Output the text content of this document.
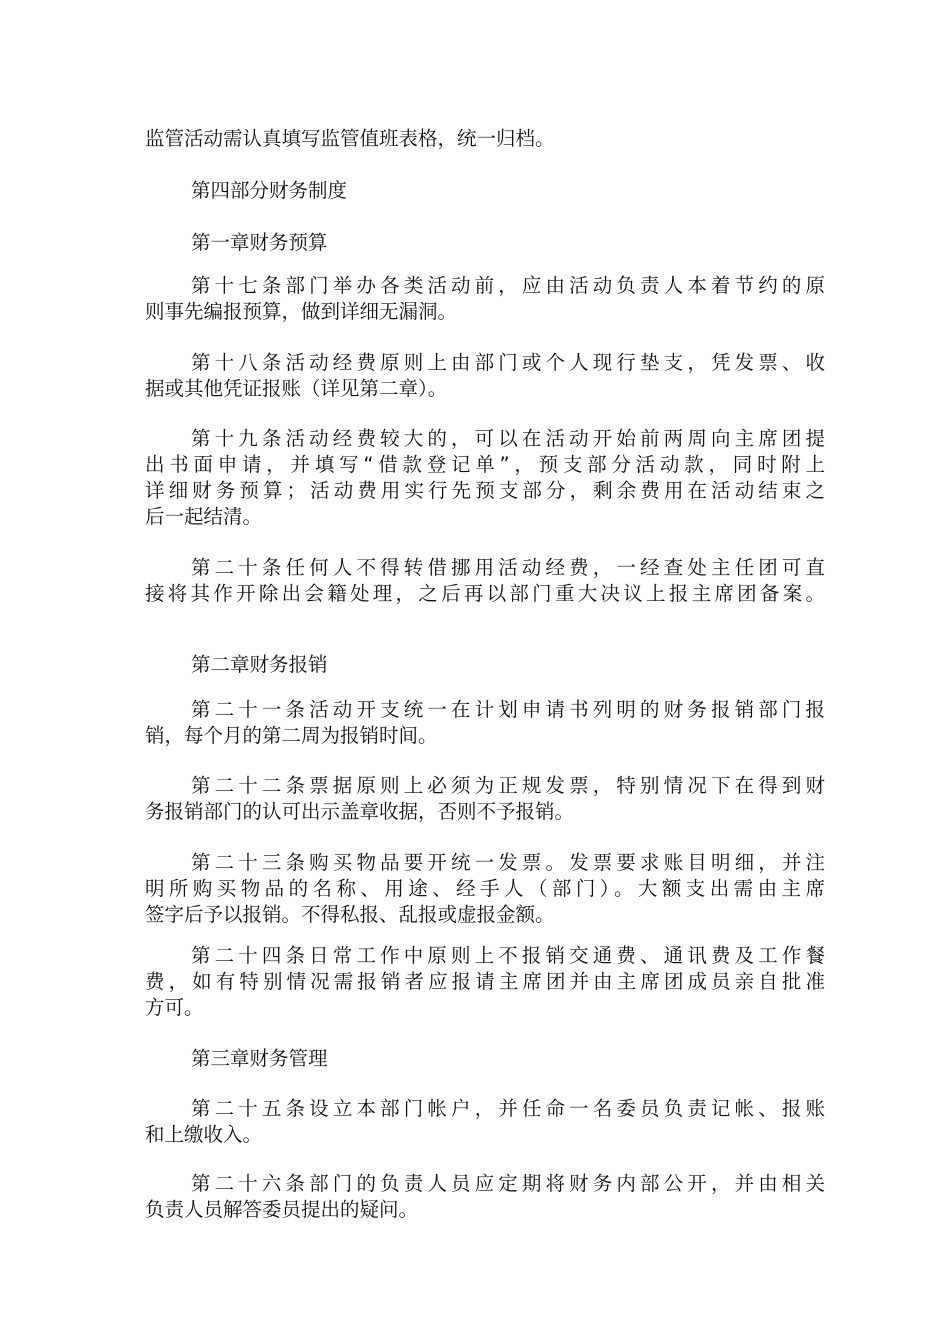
监管活动需认真填写监管值班表格，统一归档。
第四部分财务制度
第一章财务预算
第十七条部门举办各类活动前，应由活动负责人本着节约的原
则事先编报预算，做到详细无漏洞。
第十八条活动经费原则上由部门或个人现行垫支，凭发票、收
据或其他凭证报账（详见第二章）。
第十九条活动经费较大的，可以在活动开始前两周向主席团提
出书面申请，并填写“借款登记单”，预支部分活动款，同时附上
详细财务预算；活动费用实行先预支部分，剩余费用在活动结束之
后一起结清。
第二十条任何人不得转借挪用活动经费，一经查处主任团可直
接将其作开除出会籍处理，之后再以部门重大决议上报主席团备案。
第二章财务报销
第二十一条活动开支统一在计划申请书列明的财务报销部门报
销，每个月的第二周为报销时间。
第二十二条票据原则上必须为正规发票，特别情况下在得到财
务报销部门的认可出示盖章收据，否则不予报销。
第二十三条购买物品要开统一发票。发票要求账目明细，并注
明所购买物品的名称、用途、经手人（部门）。大额支出需由主席
签字后予以报销。不得私报、乱报或虚报金额。
第二十四条日常工作中原则上不报销交通费、通讯费及工作餐
费，如有特别情况需报销者应报请主席团并由主席团成员亲自批准
方可。
第三章财务管理
第二十五条设立本部门帐户，并任命一名委员负责记帐、报账
和上缴收入。
第二十六条部门的负责人员应定期将财务内部公开，并由相关
负责人员解答委员提出的疑问。
